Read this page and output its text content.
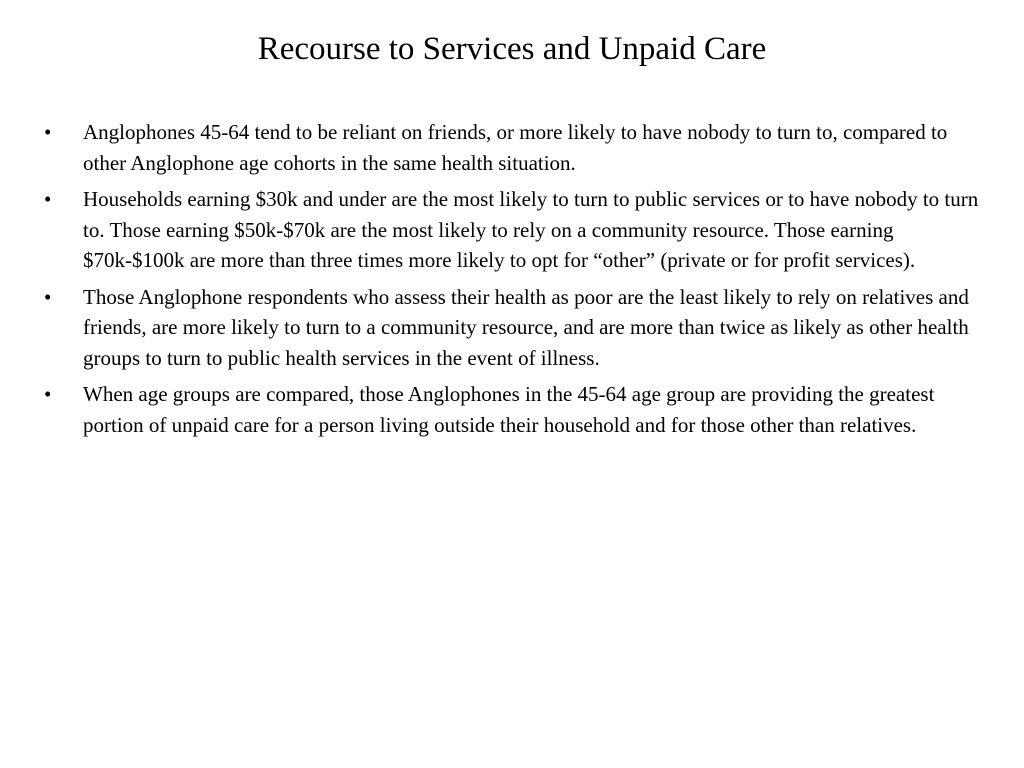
Recourse to Services and Unpaid Care
•	Anglophones 45-64 tend to be reliant on friends, or more likely to have nobody to turn to, compared to other Anglophone age cohorts in the same health situation.
•	Households earning $30k and under are the most likely to turn to public services or to have nobody to turn to. Those earning $50k-$70k are the most likely to rely on a community resource. Those earning $70k-$100k are more than three times more likely to opt for “other” (private or for profit services).
•	Those Anglophone respondents who assess their health as poor are the least likely to rely on relatives and friends, are more likely to turn to a community resource, and are more than twice as likely as other health groups to turn to public health services in the event of illness.
•	When age groups are compared, those Anglophones in the 45-64 age group are providing the greatest portion of unpaid care for a person living outside their household and for those other than relatives.
